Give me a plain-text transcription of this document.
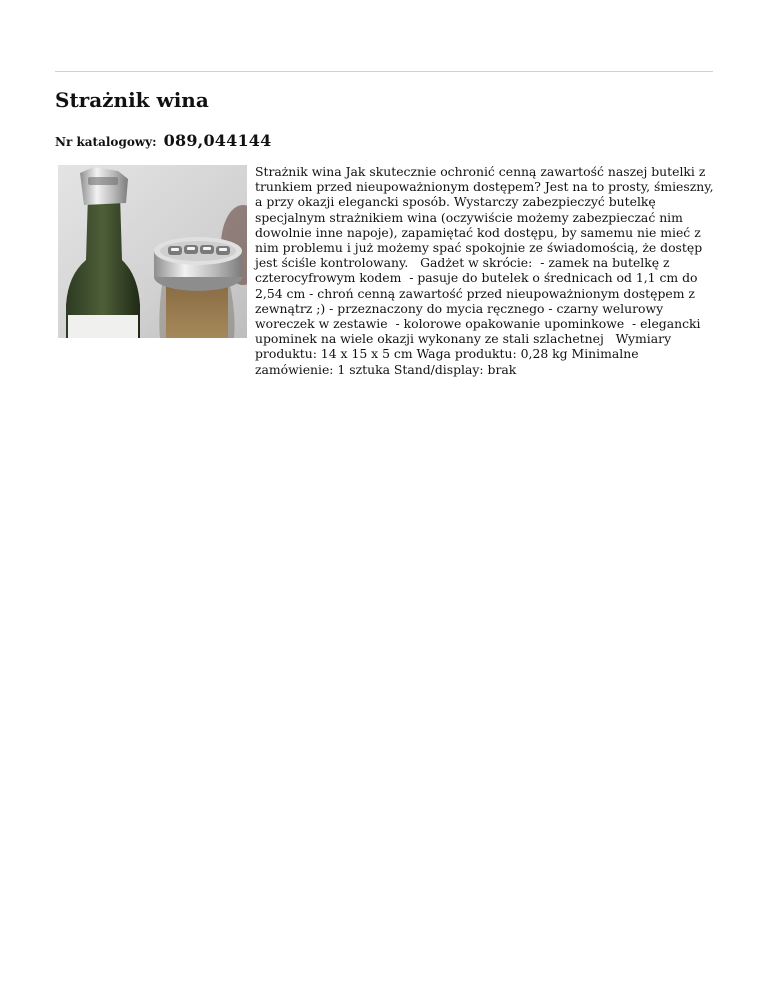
Strażnik wina
Nr katalogowy: 089,044144
Strażnik wina Jak skutecznie ochronić cenną zawartość naszej butelki z trunkiem przed nieupoważnionym dostępem? Jest na to prosty, śmieszny, a przy okazji elegancki sposób. Wystarczy zabezpieczyć butelkę specjalnym strażnikiem wina (oczywiście możemy zabezpieczać nim dowolnie inne napoje), zapamiętać kod dostępu, by samemu nie mieć z nim problemu i już możemy spać spokojnie ze świadomością, że dostęp jest ściśle kontrolowany.   Gadżet w skrócie:  - zamek na butelkę z czterocyfrowym kodem  - pasuje do butelek o średnicach od 1,1 cm do 2,54 cm - chroń cenną zawartość przed nieupoważnionym dostępem z zewnątrz ;) - przeznaczony do mycia ręcznego - czarny welurowy woreczek w zestawie  - kolorowe opakowanie upominkowe  - elegancki upominek na wiele okazji wykonany ze stali szlachetnej   Wymiary produktu: 14 x 15 x 5 cm Waga produktu: 0,28 kg Minimalne zamówienie: 1 sztuka Stand/display: brak
